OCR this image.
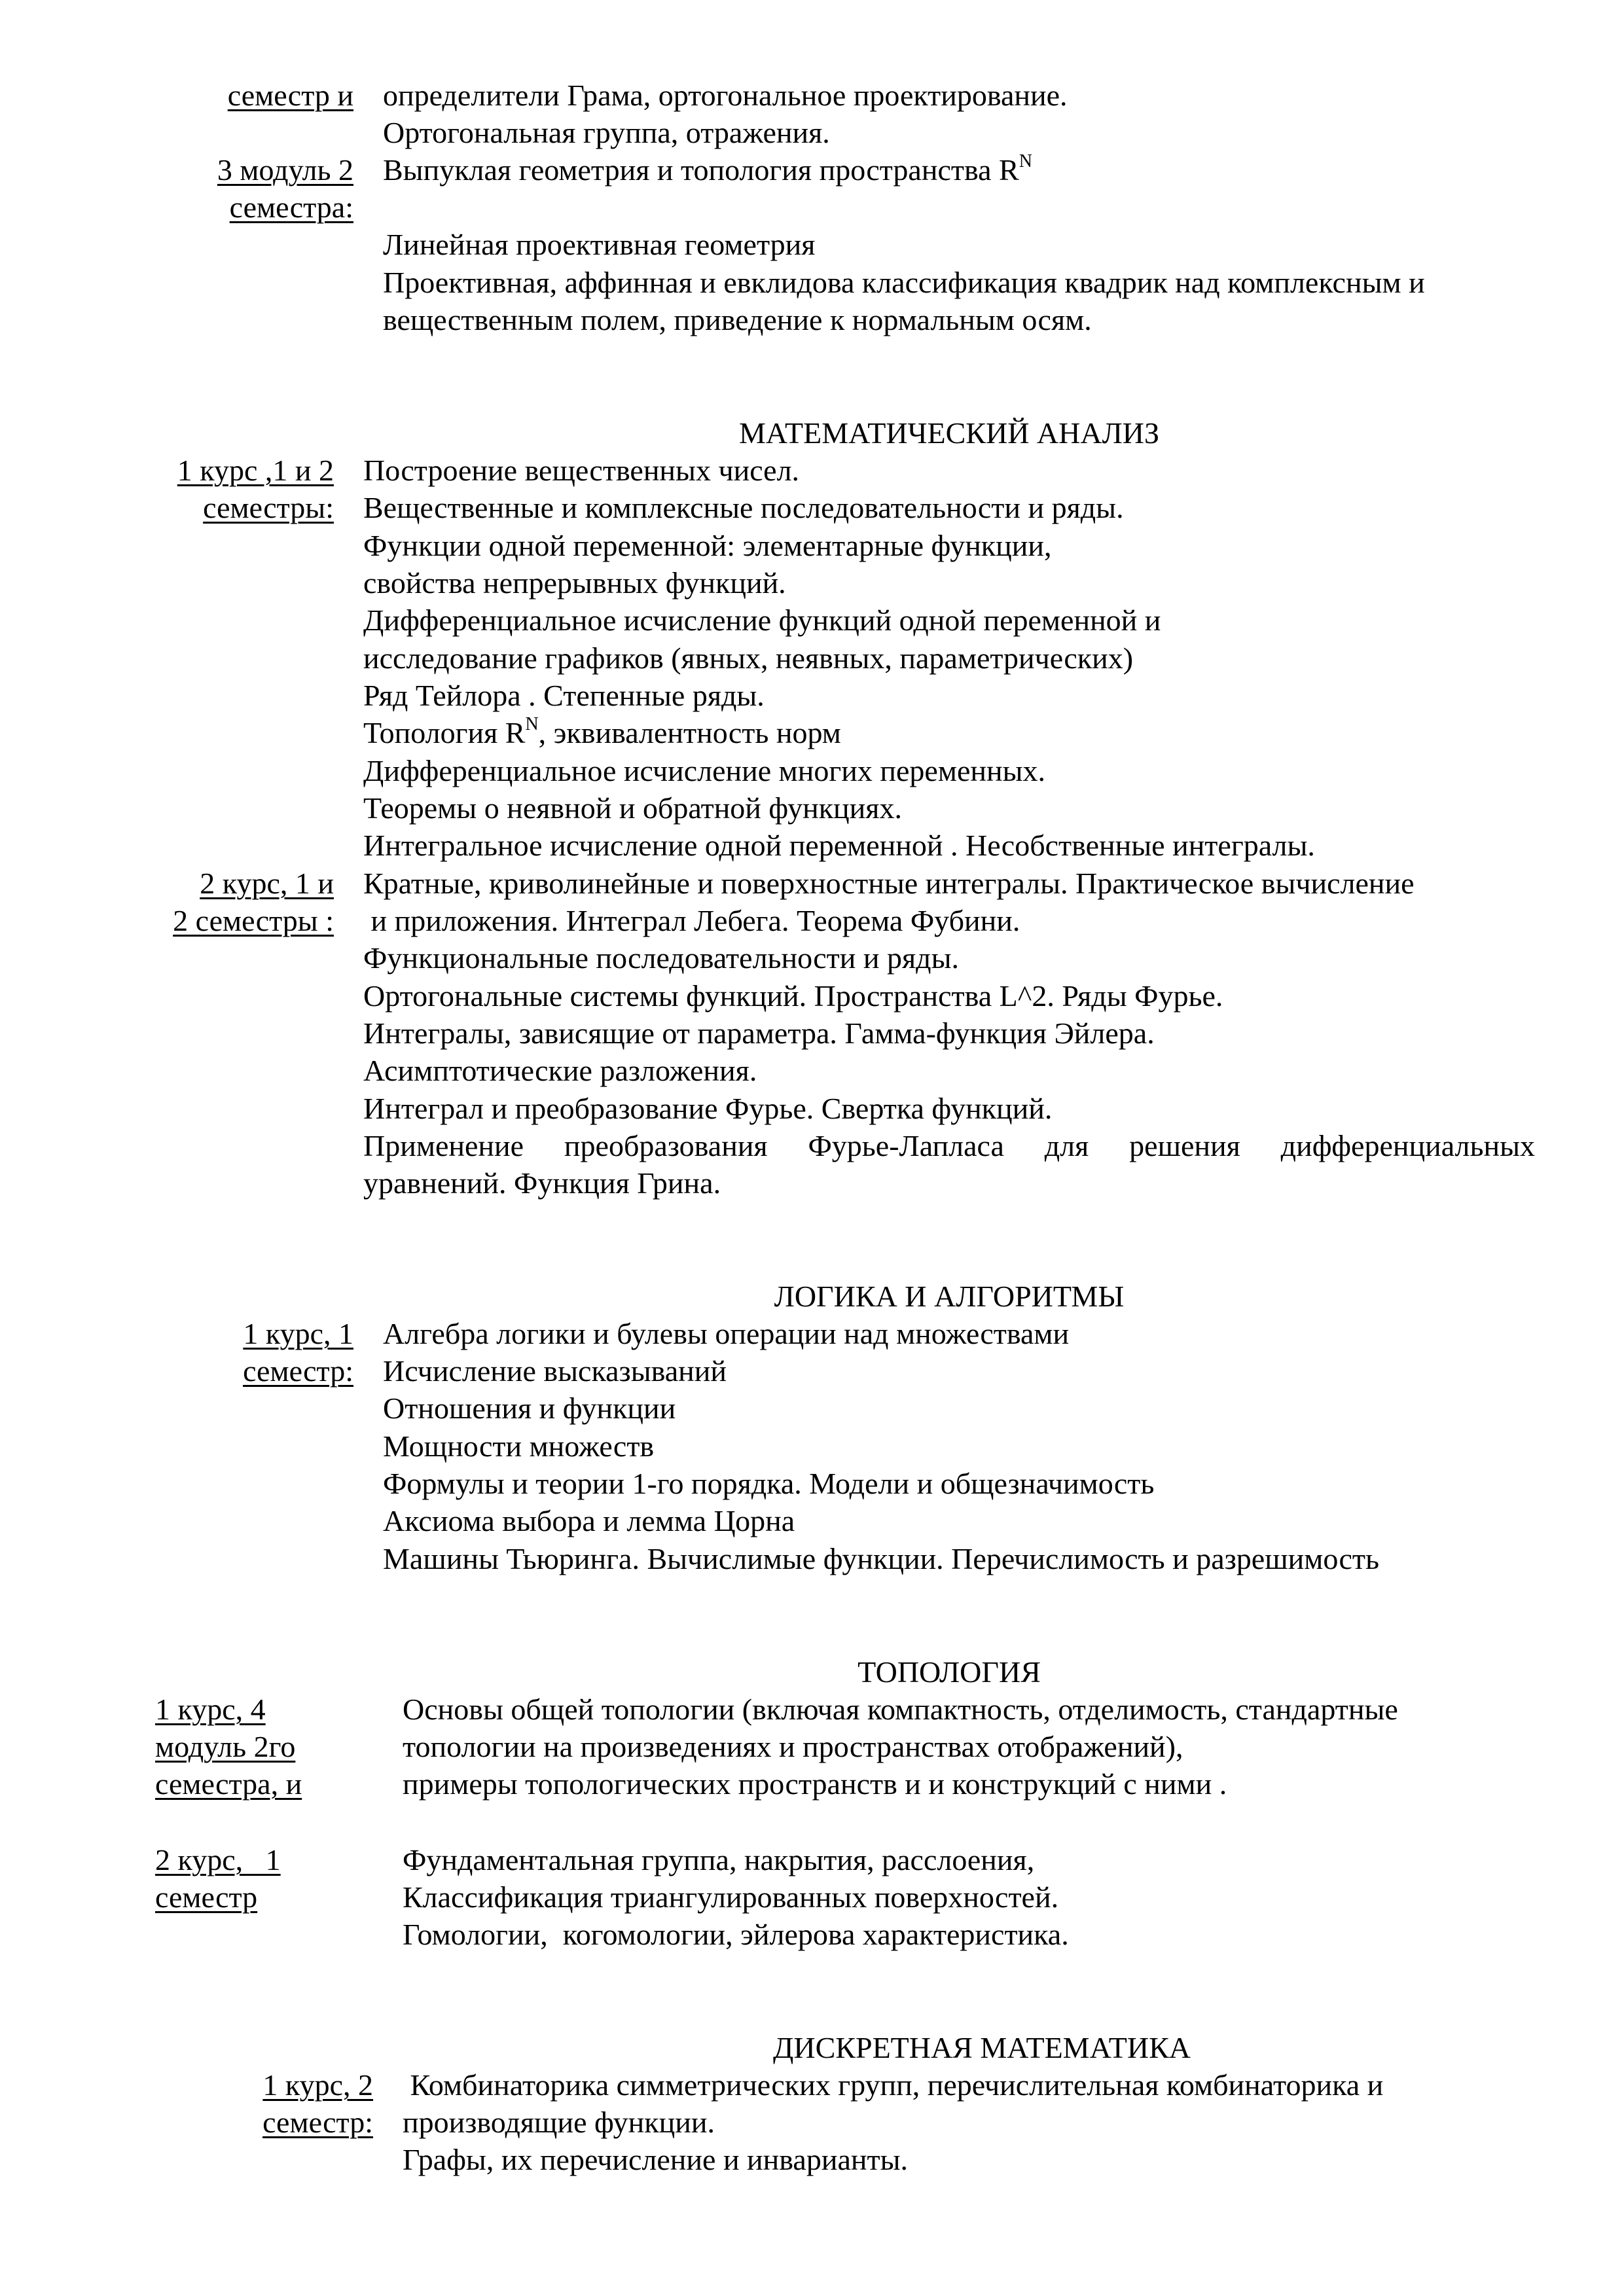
семестр и определители Грама, ортогональное проектирование.
Ортогональная группа, отражения.
3 модуль 2 Выпуклая геометрия и топология пространства $R^N$
семестра:
Линейная проективная геометрия
Проективная, аффинная и евклидова классификация квадрик над комплексным и
вещественным полем, приведение к нормальным осям.
МАТЕМАТИЧЕСКИЙ АНАЛИЗ
1 курс ,1 и 2
семестры:
Построение вещественных чисел.
Вещественные и комплексные последовательности и ряды.
Функции одной переменной: элементарные функции,
свойства непрерывных функций.
Дифференциальное исчисление функций одной переменной и
исследование графиков (явных, неявных, параметрических)
Ряд Тейлора . Степенные ряды.
Топология $R^N$, эквивалентность норм
Дифференциальное исчисление многих переменных.
Теоремы о неявной и обратной функциях.
Интегральное исчисление одной переменной . Несобственные интегралы.
2 курс, 1 и
2 семестры :
Кратные, криволинейные и поверхностные интегралы. Практическое вычисление
и приложения. Интеграл Лебега. Теорема Фубини.
Функциональные последовательности и ряды.
Ортогональные системы функций. Пространства L^2. Ряды Фурье.
Интегралы, зависящие от параметра. Гамма-функция Эйлера.
Асимптотические разложения.
Интеграл и преобразование Фурье. Свертка функций.
Применение преобразования Фурье-Лапласа для решения дифференциальных
уравнений. Функция Грина.
ЛОГИКА И АЛГОРИТМЫ
1 курс, 1
семестр:
Алгебра логики и булевы операции над множествами
Исчисление высказываний
Отношения и функции
Мощности множеств
Формулы и теории 1-го порядка. Модели и общезначимость
Аксиома выбора и лемма Цорна
Машины Тьюринга. Вычислимые функции. Перечислимость и разрешимость
ТОПОЛОГИЯ
1 курс, 4
модуль 2го
семестра, и
Основы общей топологии (включая компактность, отделимость, стандартные
топологии на произведениях и пространствах отображений),
примеры топологических пространств и и конструкций с ними .
2 курс,   1
семестр
Фундаментальная группа, накрытия, расслоения,
Классификация триангулированных поверхностей.
Гомологии,  когомологии, эйлерова характеристика.
ДИСКРЕТНАЯ МАТЕМАТИКА
1 курс, 2
семестр:
Комбинаторика симметрических групп, перечислительная комбинаторика и
производящие функции.
Графы, их перечисление и инварианты.
